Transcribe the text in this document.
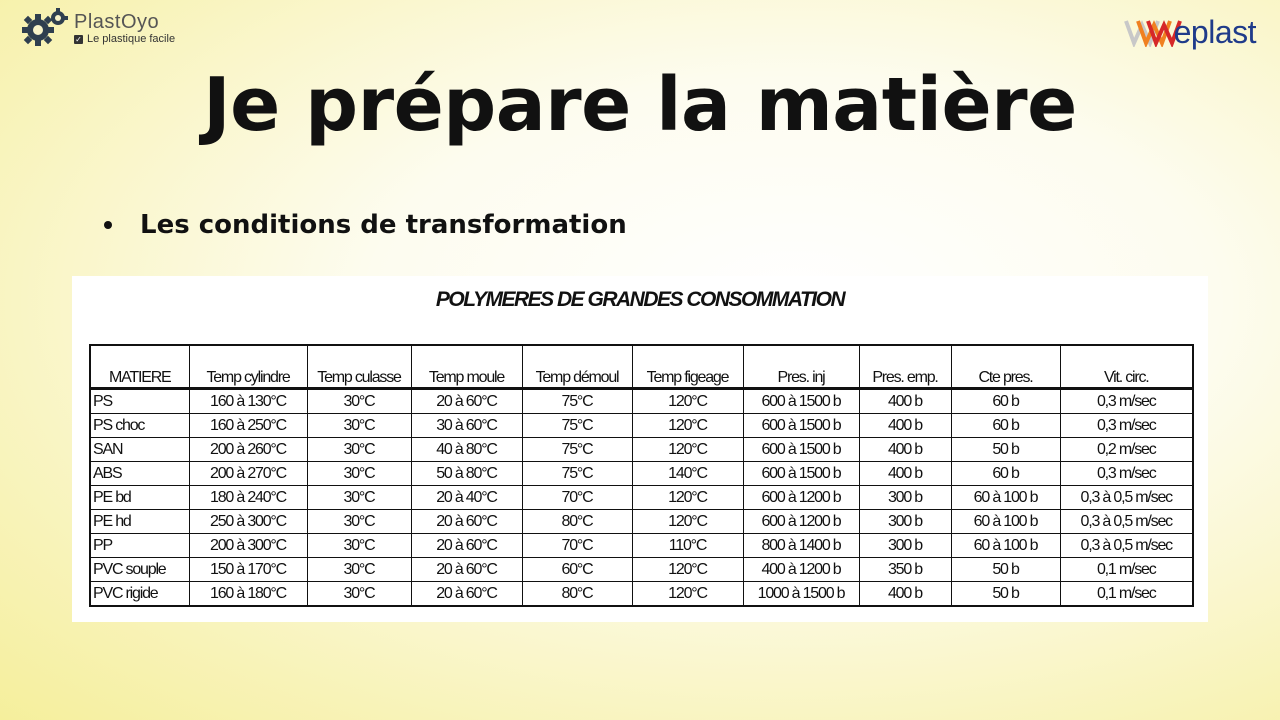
PlastOyo
✓ Le plastique facile	eplast
Je prépare la matière
Les conditions de transformation
POLYMERES DE GRANDES CONSOMMATION
MATIERE	Temp cylindre	Temp culasse	Temp moule	Temp démoul	Temp figeage	Pres. inj	Pres. emp.	Cte pres.	Vit. circ.
PS	160 à 130°C	30°C	20 à 60°C	75°C	120°C	600 à 1500 b	400 b	60 b	0,3 m/sec
PS choc	160 à 250°C	30°C	30 à 60°C	75°C	120°C	600 à 1500 b	400 b	60 b	0,3 m/sec
SAN	200 à 260°C	30°C	40 à 80°C	75°C	120°C	600 à 1500 b	400 b	50 b	0,2 m/sec
ABS	200 à 270°C	30°C	50 à 80°C	75°C	140°C	600 à 1500 b	400 b	60 b	0,3 m/sec
PE bd	180 à 240°C	30°C	20 à 40°C	70°C	120°C	600 à 1200 b	300 b	60 à 100 b	0,3 à 0,5 m/sec
PE hd	250 à 300°C	30°C	20 à 60°C	80°C	120°C	600 à 1200 b	300 b	60 à 100 b	0,3 à 0,5 m/sec
PP	200 à 300°C	30°C	20 à 60°C	70°C	110°C	800 à 1400 b	300 b	60 à 100 b	0,3 à 0,5 m/sec
PVC souple	150 à 170°C	30°C	20 à 60°C	60°C	120°C	400 à 1200 b	350 b	50 b	0,1 m/sec
PVC rigide	160 à 180°C	30°C	20 à 60°C	80°C	120°C	1000 à 1500 b	400 b	50 b	0,1 m/sec
